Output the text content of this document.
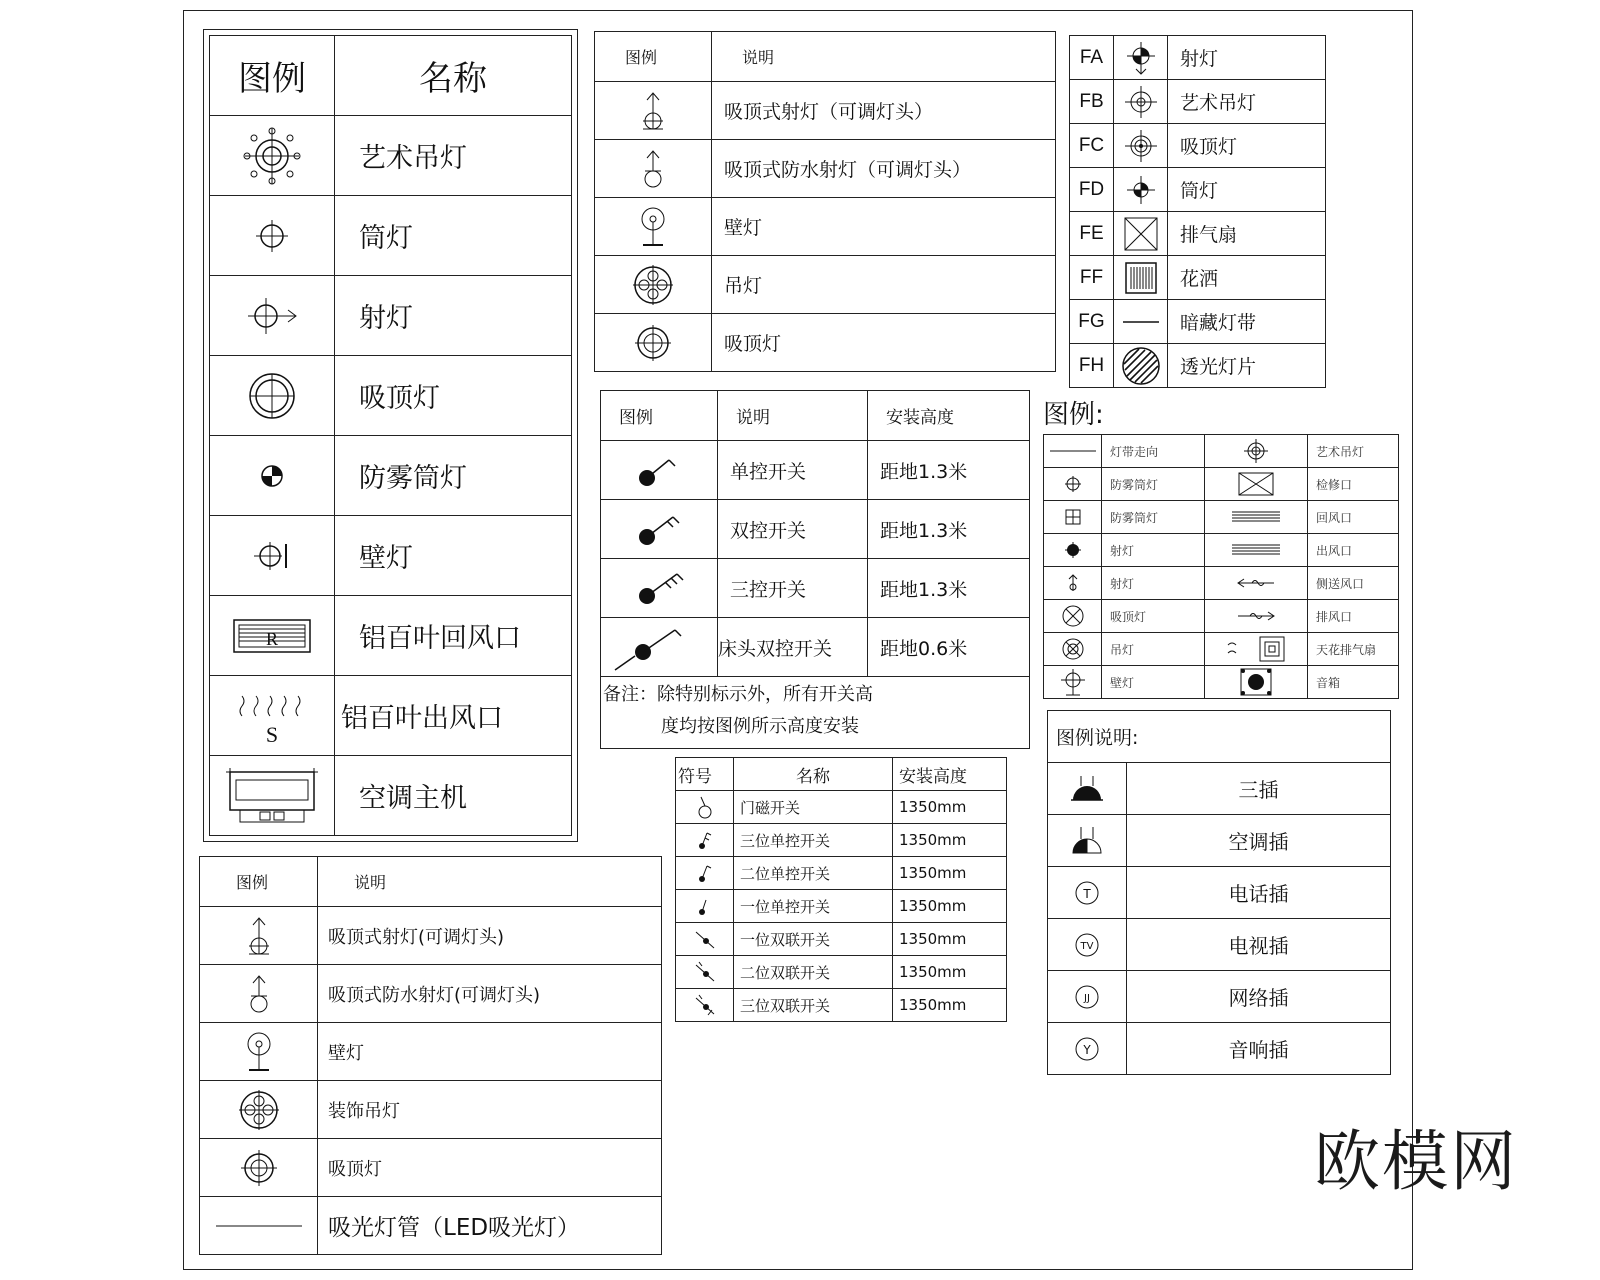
图例	名称

	艺术吊灯

	筒灯

	射灯

	吸顶灯

	防雾筒灯

	壁灯

R	铝百叶回风口

S	铝百叶出风口

	空调主机
图例	说明

	吸顶式射灯（可调灯头）

	吸顶式防水射灯（可调灯头）

	壁灯

	吊灯

	吸顶灯
FA		射灯
FB		艺术吊灯
FC		吸顶灯
FD		筒灯
FE		排气扇
FF		花洒
FG		暗藏灯带
FH		透光灯片
图例	说明	安装高度

	单控开关	距地1.3米

	双控开关	距地1.3米

	三控开关	距地1.3米

	床头双控开关	距地0.6米

备注：除特别标示外，所有开关高
度均按图例所示高度安装		
图例:
	灯带走向		艺术吊灯

	防雾筒灯		检修口

	防雾筒灯		回风口

	射灯		出风口

	射灯		侧送风口

	吸顶灯		排风口

	吊灯		天花排气扇

	壁灯		音箱
符号	名称	安装高度

	门磁开关	1350mm

	三位单控开关	1350mm

	二位单控开关	1350mm

	一位单控开关	1350mm

	一位双联开关	1350mm

	二位双联开关	1350mm

	三位双联开关	1350mm
图例说明:	

	三插

	空调插

T	电话插

TV	电视插

JJ	网络插

Y	音响插
图例	说明

	吸顶式射灯(可调灯头)

	吸顶式防水射灯(可调灯头)

	壁灯

	装饰吊灯

	吸顶灯

	吸光灯管（LED吸光灯）
欧模网
